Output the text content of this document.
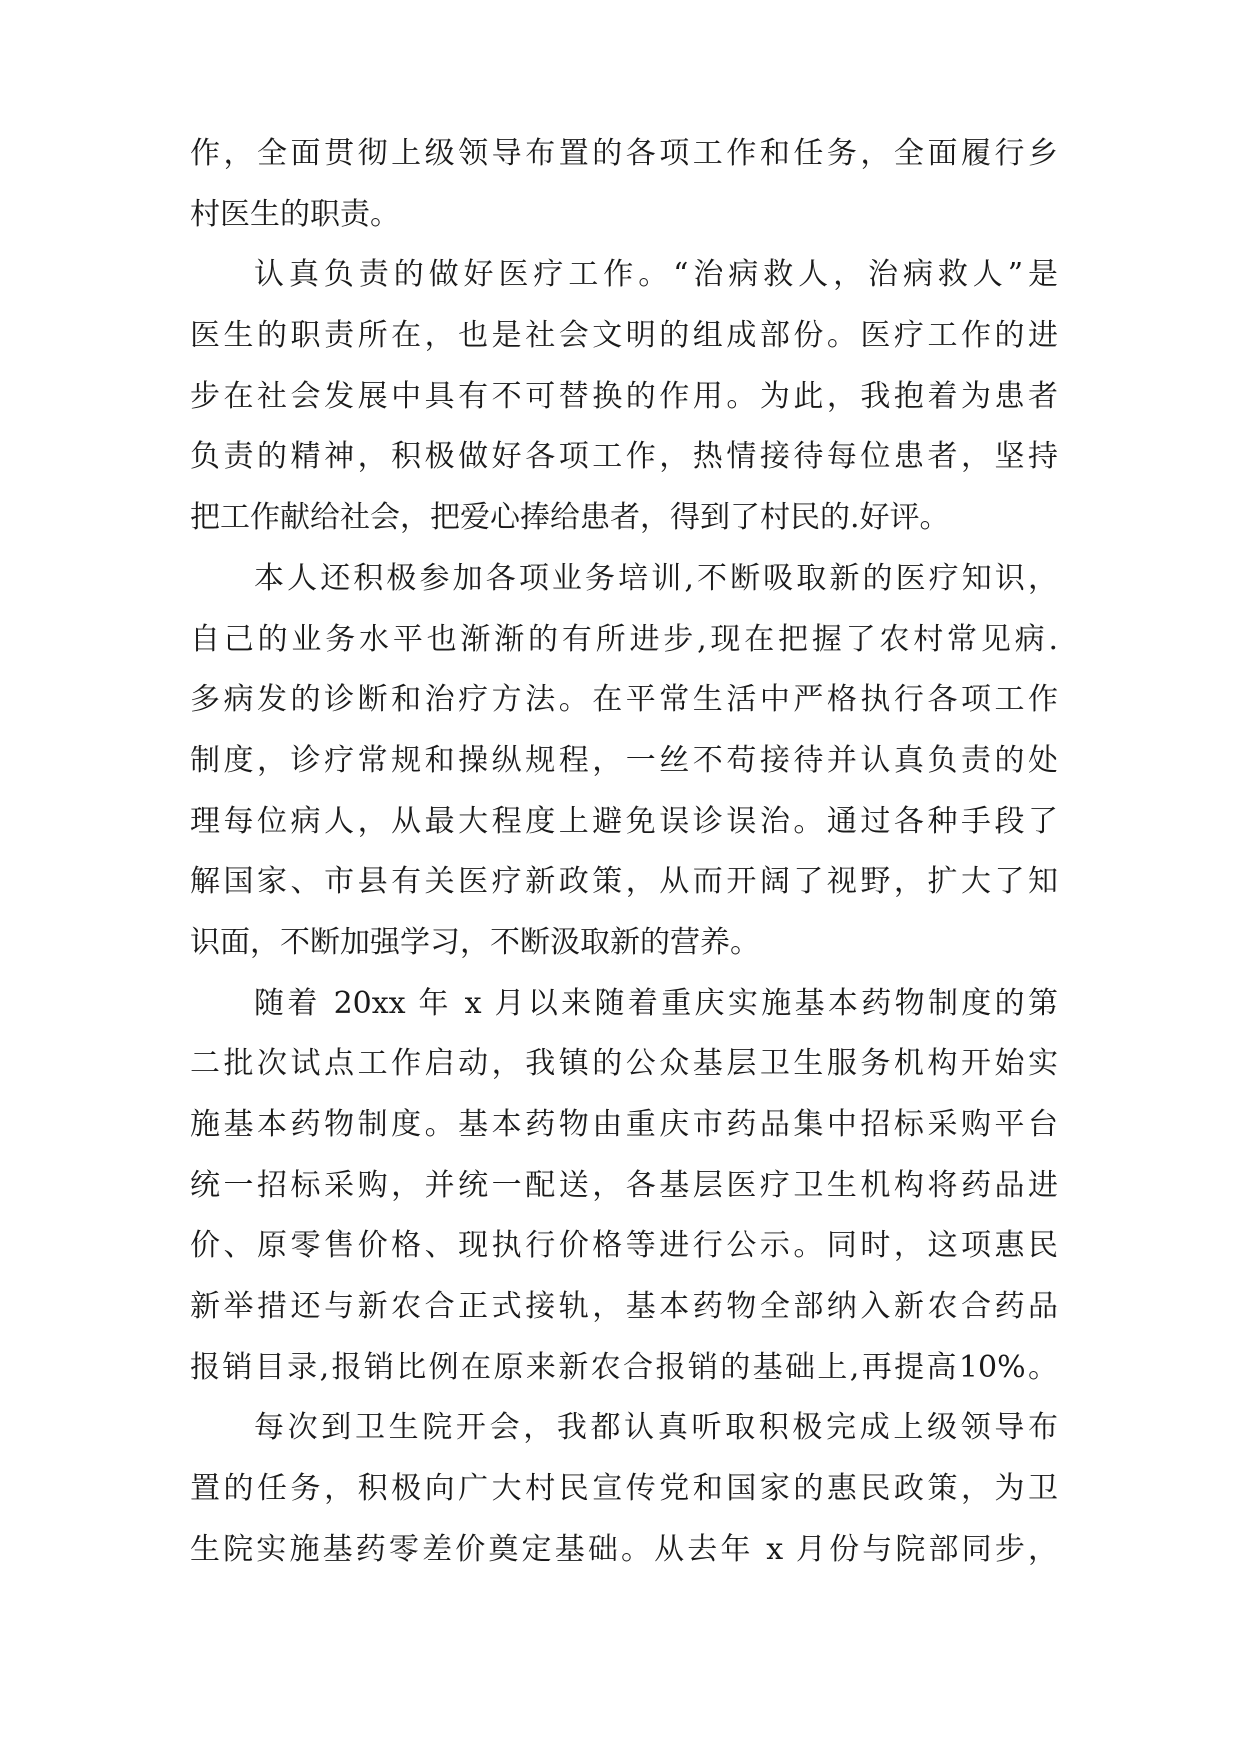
作，全面贯彻上级领导布置的各项工作和任务，全面履行乡
村医生的职责。
认真负责的做好医疗工作。“治病救人，治病救人”是
医生的职责所在，也是社会文明的组成部份。医疗工作的进
步在社会发展中具有不可替换的作用。为此，我抱着为患者
负责的精神，积极做好各项工作，热情接待每位患者，坚持
把工作献给社会，把爱心捧给患者，得到了村民的.好评。
本人还积极参加各项业务培训,不断吸取新的医疗知识，
自己的业务水平也渐渐的有所进步,现在把握了农村常见病.
多病发的诊断和治疗方法。在平常生活中严格执行各项工作
制度，诊疗常规和操纵规程，一丝不苟接待并认真负责的处
理每位病人，从最大程度上避免误诊误治。通过各种手段了
解国家、市县有关医疗新政策，从而开阔了视野，扩大了知
识面，不断加强学习，不断汲取新的营养。
随着 20xx 年 x 月以来随着重庆实施基本药物制度的第
二批次试点工作启动，我镇的公众基层卫生服务机构开始实
施基本药物制度。基本药物由重庆市药品集中招标采购平台
统一招标采购，并统一配送，各基层医疗卫生机构将药品进
价、原零售价格、现执行价格等进行公示。同时，这项惠民
新举措还与新农合正式接轨，基本药物全部纳入新农合药品
报销目录,报销比例在原来新农合报销的基础上,再提高10%。
每次到卫生院开会，我都认真听取积极完成上级领导布
置的任务，积极向广大村民宣传党和国家的惠民政策，为卫
生院实施基药零差价奠定基础。从去年 x 月份与院部同步，
